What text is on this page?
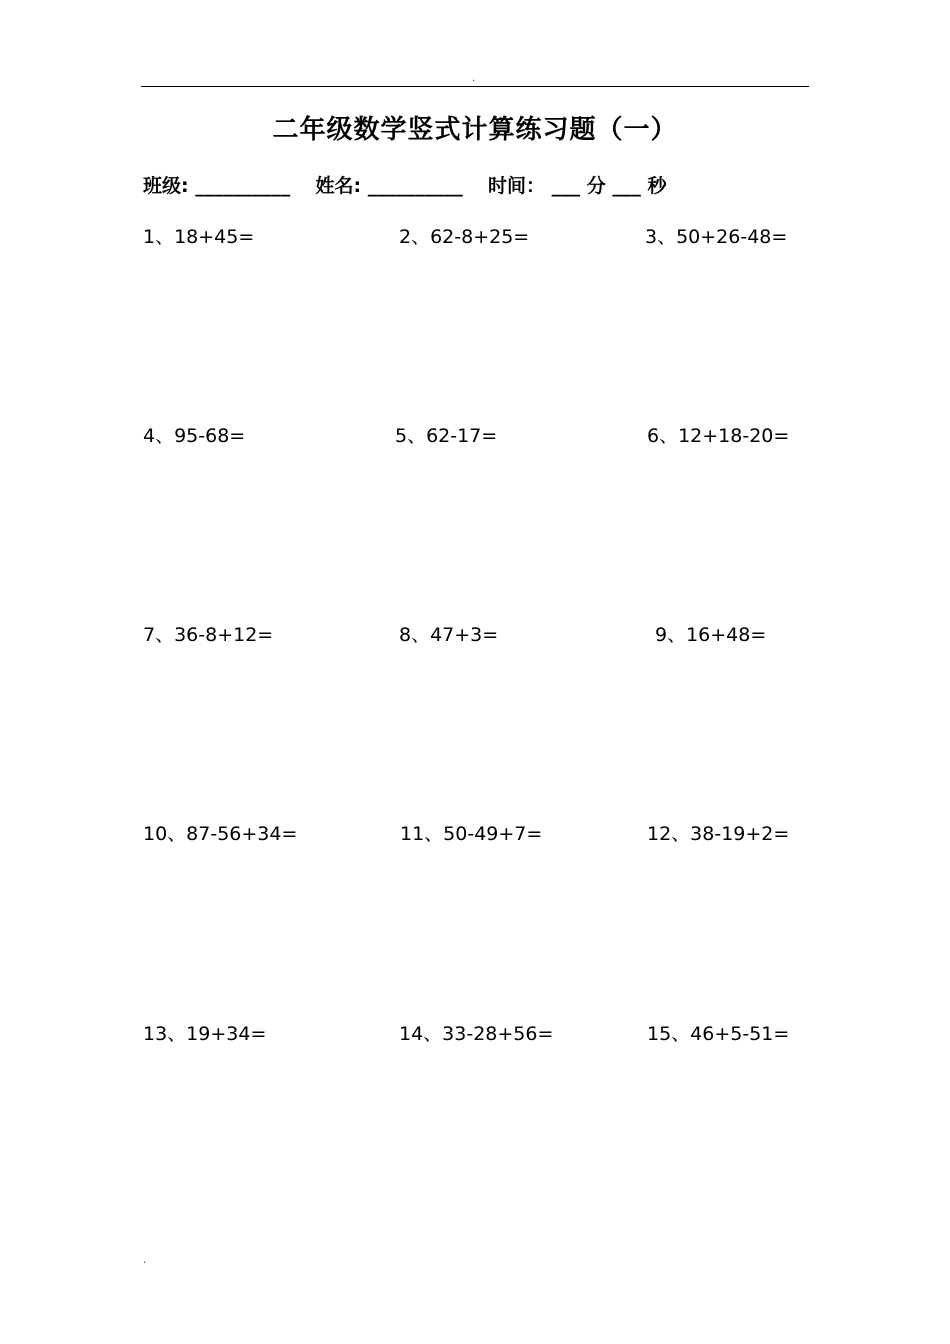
.
二年级数学竖式计算练习题（一）
班级: __________ 姓名: __________ 时间： ___ 分 ___ 秒
1、18+45=	2、62-8+25=	3、50+26-48=
4、95-68=	5、62-17=	6、12+18-20=
7、36-8+12=	8、47+3=	9、16+48=
10、87-56+34=	11、50-49+7=	12、38-19+2=
13、19+34=	14、33-28+56=	15、46+5-51=
.
